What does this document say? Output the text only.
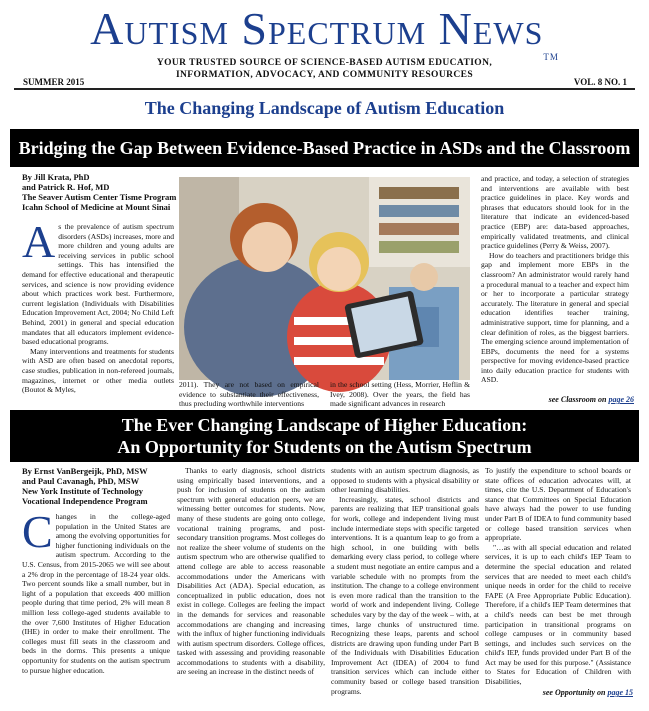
Autism Spectrum News™
YOUR TRUSTED SOURCE OF SCIENCE-BASED AUTISM EDUCATION,
INFORMATION, ADVOCACY, AND COMMUNITY RESOURCES
SUMMER 2015	VOL. 8 NO. 1
The Changing Landscape of Autism Education
Bridging the Gap Between Evidence-Based Practice in ASDs and the Classroom
By Jill Krata, PhD
and Patrick R. Hof, MD
The Seaver Autism Center Tisme Program
Icahn School of Medicine at Mount Sinai
A s the prevalence of autism spectrum disorders (ASDs) increases, more and more children and young adults are receiving services in public school settings. This has intensified the demand for effective educational and therapeutic services, and science is now providing evidence about which practices work best. Furthermore, current legislation (Individuals with Disabilities Education Improvement Act, 2004; No Child Left Behind, 2001) in general and special education mandates that all educators implement evidence-based educational programs.

Many interventions and treatments for students with ASD are often based on anecdotal reports, case studies, publication in non-refereed journals, magazines, internet or other media outlets (Boutot & Myles,

2011). They are not based on empirical evidence to substantiate their effectiveness, thus precluding worthwhile interventions

in the school setting (Hess, Morrier, Heflin & Ivey, 2008). Over the years, the field has made significant advances in research

and practice, and today, a selection of strategies and interventions are available with best practice guidelines in place. Key words and phrases that educators should look for in the literature that indicate an evidenced-based practice (EBP) are: data-based approaches, empirically validated treatments, and clinical practice guidelines (Perry & Weiss, 2007).

How do teachers and practitioners bridge this gap and implement more EBPs in the classroom? An administrator would rarely hand a procedural manual to a teacher and expect him or her to incorporate a particular strategy accurately. The literature in general and special education identifies teacher training, administrative support, time for planning, and a clear definition of roles, as the biggest barriers. The emerging science around implementation of EBPs, documents the need for a systems perspective for moving evidence-based practice into daily education practice for students with ASD.

see Classroom on page 26
The Ever Changing Landscape of Higher Education:
An Opportunity for Students on the Autism Spectrum
By Ernst VanBergeijk, PhD, MSW
and Paul Cavanagh, PhD, MSW
New York Institute of Technology
Vocational Independence Program
C hanges in the college-aged population in the United States are among the evolving opportunities for higher functioning individuals on the autism spectrum. According to the U.S. Census, from 2015-2065 we will see about a 2% drop in the percentage of 18-24 year olds. Two percent sounds like a small number, but in light of a population that exceeds 400 million people during that time period, 2% will mean 8 million less college-aged students available to the over 7,600 Institutes of Higher Education (IHE) in order to make their enrollment. The colleges must fill seats in the classroom and beds in the dorms. This presents a unique opportunity for students on the autism spectrum to pursue higher education.

Thanks to early diagnosis, school districts using empirically based interventions, and a push for inclusion of students on the autism spectrum with general education peers, we are witnessing better outcomes for students. Now, many of these students are going onto college, vocational training programs, and post-secondary transition programs. Most colleges do not realize the sheer volume of students on the autism spectrum who are otherwise qualified to attend college are able to access reasonable accommodations under the Americans with Disabilities Act (ADA). Special education, as conceptualized in public education, does not exist in college. Colleges are feeling the impact in the demands for services and reasonable accommodations are changing and increasing with the influx of higher functioning individuals with autism spectrum disorders. College offices, tasked with assessing and providing reasonable accommodations to students with a disability, are seeing an increase in the distinct needs of

students with an autism spectrum diagnosis, as opposed to students with a physical disability or other learning disabilities.

Increasingly, states, school districts and parents are realizing that IEP transitional goals for work, college and independent living must include intermediate steps with specific targeted interventions. It is a quantum leap to go from a high school, in one building with bells demarking every class period, to college where a student must negotiate an entire campus and a variable schedule with no prompts from the institution. The change to a college environment is even more radical than the transition to the world of work and independent living. College schedules vary by the day of the week – with, at times, large chunks of unstructured time. Recognizing these leaps, parents and school districts are drawing upon funding under Part B of the Individuals with Disabilities Education Improvement Act (IDEA) of 2004 to fund transition services which can include either community based or college based transition programs.

To justify the expenditure to school boards or state offices of education advocates will, at times, cite the U.S. Department of Education's stance that Committees on Special Education have always had the power to use funding under Part B of IDEA to fund community based or college based transition services when appropriate.

"…as with all special education and related services, it is up to each child's IEP Team to determine the special education and related services that are needed to meet each child's unique needs in order for the child to receive FAPE (A Free Appropriate Public Education). Therefore, if a child's IEP Team determines that a child's needs can best be met through participation in transitional programs on college campuses or in community based settings, and includes such services on the child's IEP, funds provided under Part B of the Act may be used for this purpose." (Assistance to States for Education of Children with Disabilities,

see Opportunity on page 15
